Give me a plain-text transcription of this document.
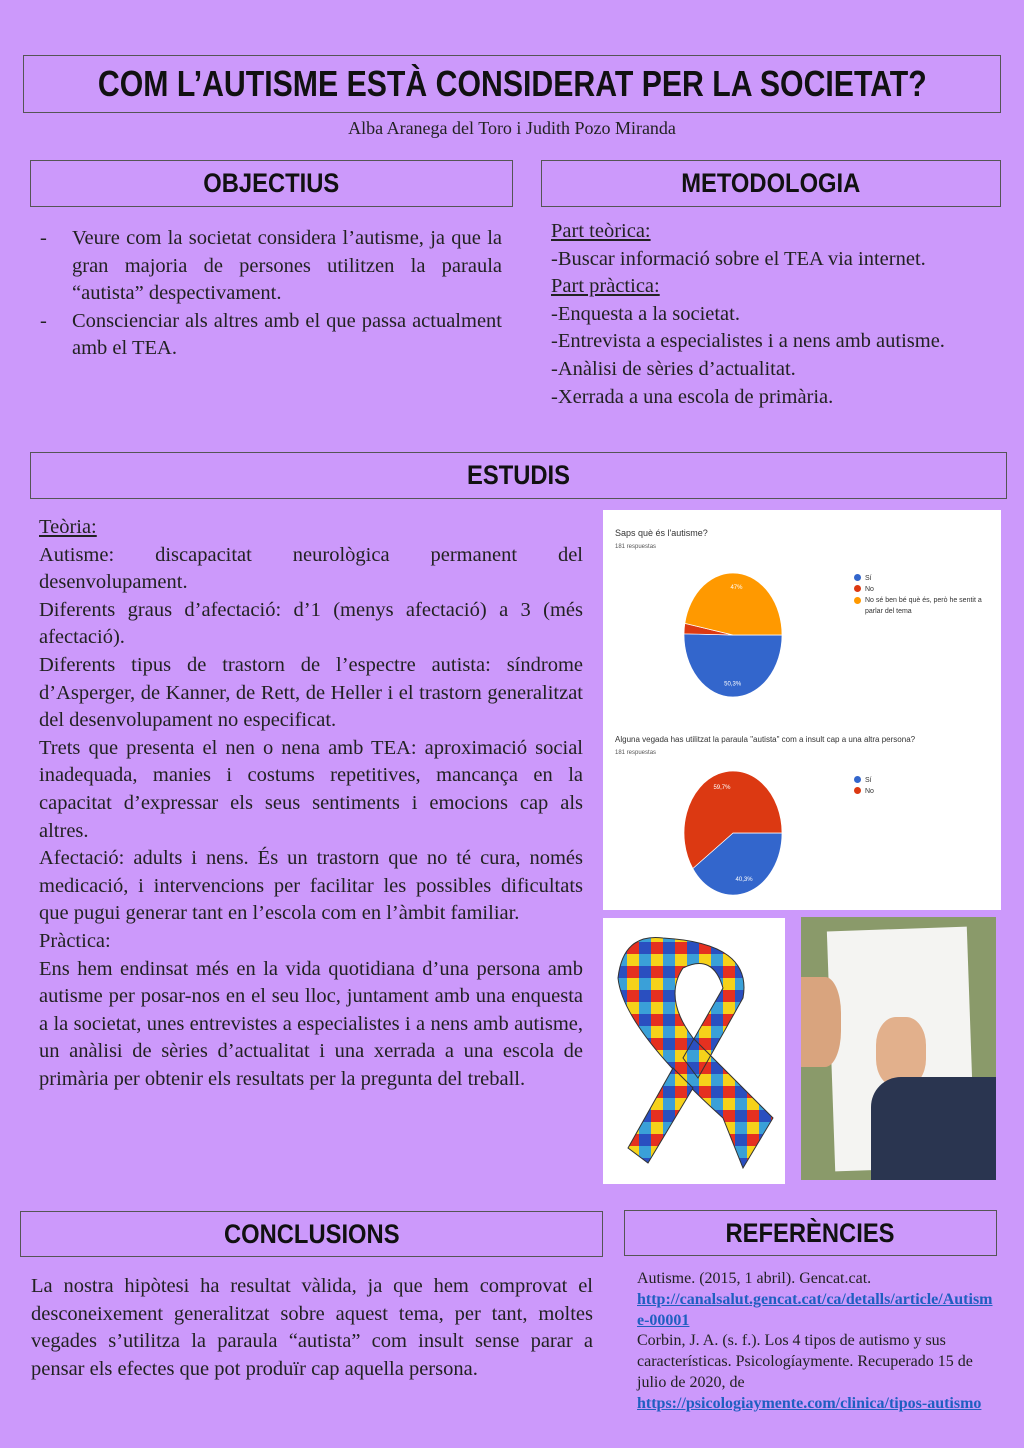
COM L’AUTISME ESTÀ CONSIDERAT PER LA SOCIETAT?
Alba Aranega del Toro i Judith Pozo Miranda
OBJECTIUS
- Veure com la societat considera l’autisme, ja que la gran majoria de persones utilitzen la paraula “autista” despectivament.
- Conscienciar als altres amb el que passa actualment amb el TEA.
METODOLOGIA
Part teòrica:
-Buscar informació sobre el TEA via internet.
Part pràctica:
-Enquesta a la societat.
-Entrevista a especialistes i a nens amb autisme.
-Anàlisi de sèries d’actualitat.
-Xerrada a una escola de primària.
ESTUDIS
Teòria:
Autisme: discapacitat neurològica permanent del desenvolupament.
Diferents graus d’afectació: d’1 (menys afectació) a 3 (més afectació).
Diferents tipus de trastorn de l’espectre autista: síndrome d’Asperger, de Kanner, de Rett, de Heller i el trastorn generalitzat del desenvolupament no especificat.
Trets que presenta el nen o nena amb TEA: aproximació social inadequada, manies i costums repetitives, mancança en la capacitat d’expressar els seus sentiments i emocions cap als altres.
Afectació: adults i nens. És un trastorn que no té cura, només medicació, i intervencions per facilitar les possibles dificultats que pugui generar tant en l’escola com en l’àmbit familiar.
Pràctica:
Ens hem endinsat més en la vida quotidiana d’una persona amb autisme per posar-nos en el seu lloc, juntament amb una enquesta a la societat, unes entrevistes a especialistes i a nens amb autisme, un anàlisi de sèries d’actualitat i una xerrada a una escola de primària per obtenir els resultats per la pregunta del treball.
Saps què és l'autisme?
181 respuestas
50,3%
47%
Sí
No
No sé ben bé què és, però he sentit a parlar del tema
Alguna vegada has utilitzat la paraula "autista" com a insult cap a una altra persona?
181 respuestas
40,3%
59,7%
Sí
No
CONCLUSIONS
La nostra hipòtesi ha resultat vàlida, ja que hem comprovat el desconeixement generalitzat sobre aquest tema, per tant, moltes vegades s’utilitza la paraula “autista” com insult sense parar a pensar els efectes que pot produïr cap aquella persona.
REFERÈNCIES
Autisme. (2015, 1 abril). Gencat.cat.
http://canalsalut.gencat.cat/ca/detalls/article/Autisme-00001
Corbin, J. A. (s. f.). Los 4 tipos de autismo y sus características. Psicologíaymente. Recuperado 15 de julio de 2020, de
https://psicologiaymente.com/clinica/tipos-autismo
